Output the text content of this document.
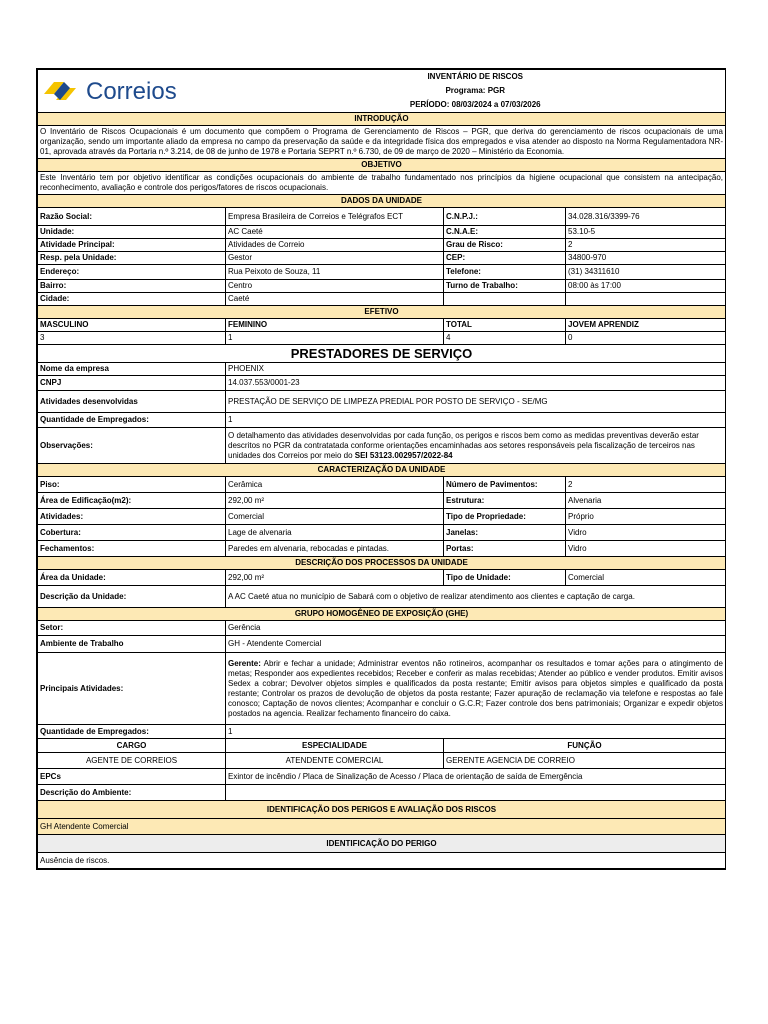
Correios	INVENTÁRIO DE RISCOS		
	Programa: PGR		
	PERÍODO: 08/03/2024 a 07/03/2026		
INTRODUÇÃO			
O Inventário de Riscos Ocupacionais é um documento que compõem o Programa de Gerenciamento de Riscos – PGR, que deriva do gerenciamento de riscos ocupacionais de uma organização, sendo um importante aliado da empresa no campo da preservação da saúde e da integridade física dos empregados e visa atender ao disposto na Norma Regulamentadora NR-01, aprovada através da Portaria n.º 3.214, de 08 de junho de 1978 e Portaria SEPRT n.º 6.730, de 09 de março de 2020 – Ministério da Economia.			
OBJETIVO			
Este Inventário tem por objetivo identificar as condições ocupacionais do ambiente de trabalho fundamentado nos princípios da higiene ocupacional que consistem na antecipação, reconhecimento, avaliação e controle dos perigos/fatores de riscos ocupacionais.			
DADOS DA UNIDADE			
Razão Social:	Empresa Brasileira de Correios e Telégrafos ECT	C.N.P.J.:	34.028.316/3399-76
Unidade:	AC Caeté	C.N.A.E:	53.10-5
Atividade Principal:	Atividades de Correio	Grau de Risco:	2
Resp. pela Unidade:	Gestor	CEP:	34800-970
Endereço:	Rua Peixoto de Souza, 11	Telefone:	(31) 34311610
Bairro:	Centro	Turno de Trabalho:	08:00 às 17:00
Cidade:	Caeté		
EFETIVO			
MASCULINO	FEMININO	TOTAL	JOVEM APRENDIZ
3	1	4	0
PRESTADORES DE SERVIÇO			
Nome da empresa	PHOENIX		
CNPJ	14.037.553/0001-23		
Atividades desenvolvidas	PRESTAÇÃO DE SERVIÇO DE LIMPEZA PREDIAL POR POSTO DE SERVIÇO - SE/MG		
Quantidade de Empregados:	1		
Observações:	O detalhamento das atividades desenvolvidas por cada função, os perigos e riscos bem como as medidas preventivas deverão estar descritos no PGR da contratatada conforme orientações encaminhadas aos setores responsáveis pela fiscalização de terceiros nas unidades dos Correios por meio do SEI 53123.002957/2022-84		
CARACTERIZAÇÃO DA UNIDADE			
Piso:	Cerâmica	Número de Pavimentos:	2
Área de Edificação(m2):	292,00 m²	Estrutura:	Alvenaria
Atividades:	Comercial	Tipo de Propriedade:	Próprio
Cobertura:	Lage de alvenaria	Janelas:	Vidro
Fechamentos:	Paredes em alvenaria, rebocadas e pintadas.	Portas:	Vidro
DESCRIÇÃO DOS PROCESSOS DA UNIDADE			
Área da Unidade:	292,00 m²	Tipo de Unidade:	Comercial
Descrição da Unidade:	A AC Caeté atua no município de Sabará com o objetivo de realizar atendimento aos clientes e captação de carga.		
GRUPO HOMOGÊNEO DE EXPOSIÇÃO (GHE)			
Setor:	Gerência		
Ambiente de Trabalho	GH - Atendente Comercial		
Principais Atividades:	Gerente: Abrir e fechar a unidade; Administrar eventos não rotineiros, acompanhar os resultados e tomar ações para o atingimento de metas; Responder aos expedientes recebidos; Receber e conferir as malas recebidas; Atender ao público e vender produtos. Emitir avisos Sedex a cobrar; Devolver objetos simples e qualificados da posta restante; Emitir avisos para objetos simples e qualificado da posta restante; Controlar os prazos de devolução de objetos da posta restante; Fazer apuração de reclamação via telefone e respostas ao fale conosco; Captação de novos clientes; Acompanhar e concluir o G.C.R; Fazer controle dos bens patrimoniais; Organizar e expedir objetos postados na agencia. Realizar fechamento financeiro do caixa.		
Quantidade de Empregados:	1		
CARGO	ESPECIALIDADE	FUNÇÃO	
AGENTE DE CORREIOS	ATENDENTE COMERCIAL	GERENTE AGENCIA DE CORREIO	
EPCs	Exintor de incêndio / Placa de Sinalização de Acesso / Placa de orientação de saída de Emergência		
Descrição do Ambiente:			
IDENTIFICAÇÃO DOS PERIGOS E AVALIAÇÃO DOS RISCOS			
GH Atendente Comercial			
IDENTIFICAÇÃO DO PERIGO			
Ausência de riscos.			
